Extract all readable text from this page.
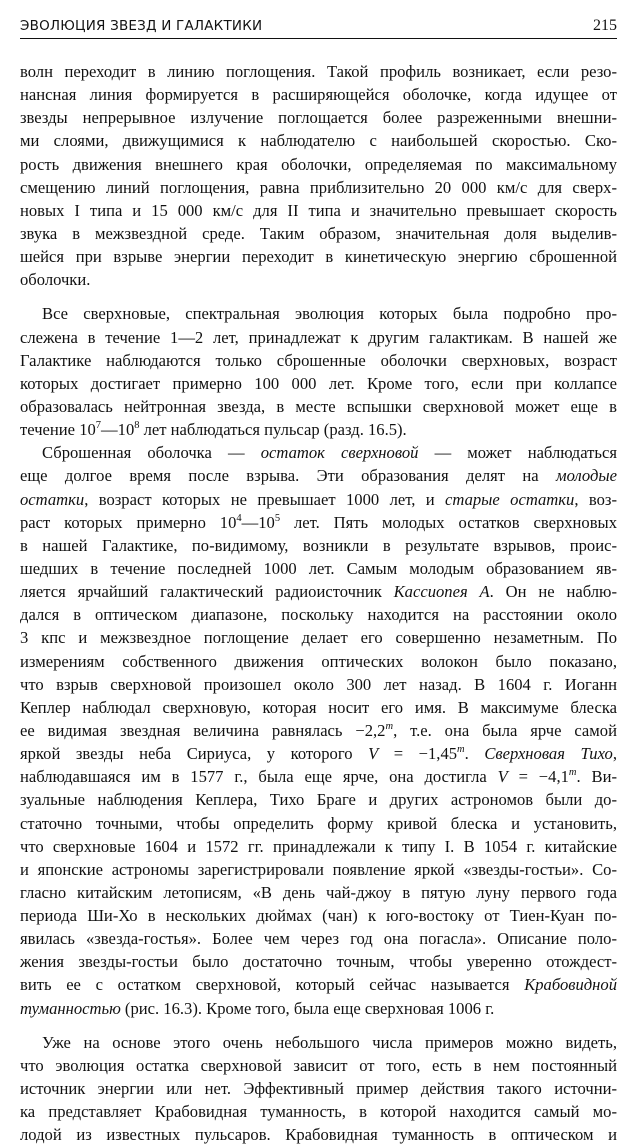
ЭВОЛЮЦИЯ ЗВЕЗД И ГАЛАКТИКИ	215
волн переходит в линию поглощения. Такой профиль возникает, если резо-
нансная линия формируется в расширяющейся оболочке, когда идущее от
звезды непрерывное излучение поглощается более разреженными внешни-
ми слоями, движущимися к наблюдателю с наибольшей скоростью. Ско-
рость движения внешнего края оболочки, определяемая по максимальному
смещению линий поглощения, равна приблизительно 20 000 км/с для сверх-
новых I типа и 15 000 км/с для II типа и значительно превышает скорость
звука в межзвездной среде. Таким образом, значительная доля выделив-
шейся при взрыве энергии переходит в кинетическую энергию сброшенной
оболочки.
Все сверхновые, спектральная эволюция которых была подробно про-
слежена в течение 1—2 лет, принадлежат к другим галактикам. В нашей же
Галактике наблюдаются только сброшенные оболочки сверхновых, возраст
которых достигает примерно 100 000 лет. Кроме того, если при коллапсе
образовалась нейтронная звезда, в месте вспышки сверхновой может еще в
течение $10^7—10^8$ лет наблюдаться пульсар (разд. 16.5).
Сброшенная оболочка — остаток сверхновой — может наблюдаться
еще долгое время после взрыва. Эти образования делят на молодые
остатки, возраст которых не превышает 1000 лет, и старые остатки, воз-
раст которых примерно $10^4—10^5$ лет. Пять молодых остатков сверхновых
в нашей Галактике, по-видимому, возникли в результате взрывов, проис-
шедших в течение последней 1000 лет. Самым молодым образованием яв-
ляется ярчайший галактический радиоисточник Кассиопея А. Он не наблю-
дался в оптическом диапазоне, поскольку находится на расстоянии около
3 кпс и межзвездное поглощение делает его совершенно незаметным. По
измерениям собственного движения оптических волокон было показано,
что взрыв сверхновой произошел около 300 лет назад. В 1604 г. Иоганн
Кеплер наблюдал сверхновую, которая носит его имя. В максимуме блеска
ее видимая звездная величина равнялась $-2,2^m$, т.е. она была ярче самой
яркой звезды неба Сириуса, у которого $V = -1,45^m$. Сверхновая Тихо,
наблюдавшаяся им в 1577 г., была еще ярче, она достигла $V = -4,1^m$. Ви-
зуальные наблюдения Кеплера, Тихо Браге и других астрономов были до-
статочно точными, чтобы определить форму кривой блеска и установить,
что сверхновые 1604 и 1572 гг. принадлежали к типу I. В 1054 г. китайские
и японские астрономы зарегистрировали появление яркой «звезды-гостьи». Со-
гласно китайским летописям, «В день чай-джоу в пятую луну первого года
периода Ши-Хо в нескольких дюймах (чан) к юго-востоку от Тиен-Куан по-
явилась «звезда-гостья». Более чем через год она погасла». Описание поло-
жения звезды-гостьи было достаточно точным, чтобы уверенно отождест-
вить ее с остатком сверхновой, который сейчас называется Крабовидной
туманностью (рис. 16.3). Кроме того, была еще сверхновая 1006 г.
Уже на основе этого очень небольшого числа примеров можно видеть,
что эволюция остатка сверхновой зависит от того, есть в нем постоянный
источник энергии или нет. Эффективный пример действия такого источни-
ка представляет Крабовидная туманность, в которой находится самый мо-
лодой из известных пульсаров. Крабовидная туманность в оптическом и
